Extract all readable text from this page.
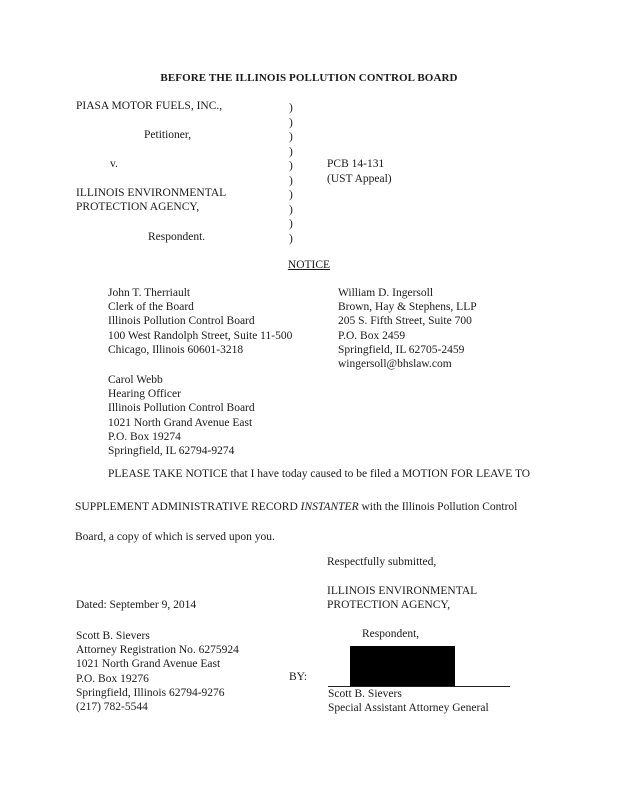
BEFORE THE ILLINOIS POLLUTION CONTROL BOARD
PIASA MOTOR FUELS, INC.,
Petitioner,
v.
ILLINOIS ENVIRONMENTAL
PROTECTION AGENCY,
Respondent.
)
)
)
)
)
)
)
)
)
)
PCB 14-131
(UST Appeal)
NOTICE
John T. Therriault
Clerk of the Board
Illinois Pollution Control Board
100 West Randolph Street, Suite 11-500
Chicago, Illinois 60601-3218
William D. Ingersoll
Brown, Hay & Stephens, LLP
205 S. Fifth Street, Suite 700
P.O. Box 2459
Springfield, IL 62705-2459
wingersoll@bhslaw.com
Carol Webb
Hearing Officer
Illinois Pollution Control Board
1021 North Grand Avenue East
P.O. Box 19274
Springfield, IL 62794-9274
PLEASE TAKE NOTICE that I have today caused to be filed a MOTION FOR LEAVE TO
SUPPLEMENT ADMINISTRATIVE RECORD INSTANTER with the Illinois Pollution Control
Board, a copy of which is served upon you.
Respectfully submitted,
ILLINOIS ENVIRONMENTAL
PROTECTION AGENCY,
Dated: September 9, 2014
Respondent,
Scott B. Sievers
Attorney Registration No. 6275924
1021 North Grand Avenue East
P.O. Box 19276
Springfield, Illinois 62794-9276
(217) 782-5544
BY:
Scott B. Sievers
Special Assistant Attorney General
